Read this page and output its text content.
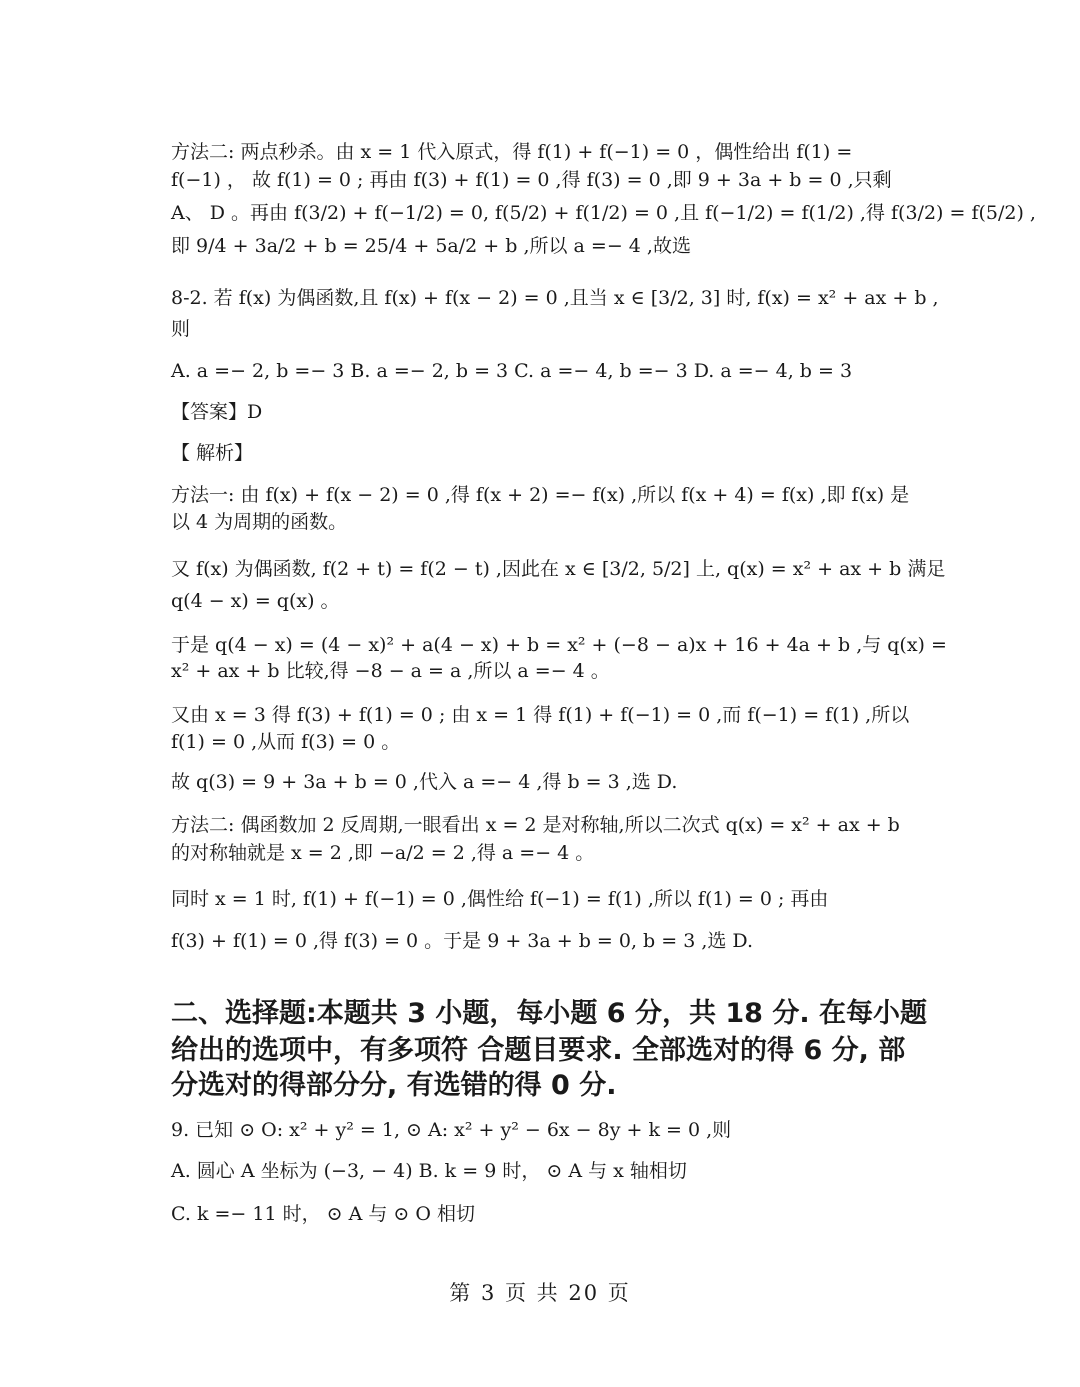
方法二: 两点秒杀。由 x = 1 代入原式，得 f(1) + f(−1) = 0 ，偶性给出 f(1) =
f(−1) ， 故 f(1) = 0 ; 再由 f(3) + f(1) = 0 ,得 f(3) = 0 ,即 9 + 3a + b = 0 ,只剩
A、 D 。再由 f(3/2) + f(−1/2) = 0, f(5/2) + f(1/2) = 0 ,且 f(−1/2) = f(1/2) ,得 f(3/2) = f(5/2) ,
即 9/4 + 3a/2 + b = 25/4 + 5a/2 + b ,所以 a =− 4 ,故选
8-2. 若 f(x) 为偶函数,且 f(x) + f(x − 2) = 0 ,且当 x ∈ [3/2, 3] 时, f(x) = x² + ax + b ,
则
A. a =− 2, b =− 3 B. a =− 2, b = 3 C. a =− 4, b =− 3 D. a =− 4, b = 3
【答案】D
【 解析】
方法一: 由 f(x) + f(x − 2) = 0 ,得 f(x + 2) =− f(x) ,所以 f(x + 4) = f(x) ,即 f(x) 是
以 4 为周期的函数。
又 f(x) 为偶函数, f(2 + t) = f(2 − t) ,因此在 x ∈ [3/2, 5/2] 上, q(x) = x² + ax + b 满足
q(4 − x) = q(x) 。
于是 q(4 − x) = (4 − x)² + a(4 − x) + b = x² + (−8 − a)x + 16 + 4a + b ,与 q(x) =
x² + ax + b 比较,得 −8 − a = a ,所以 a =− 4 。
又由 x = 3 得 f(3) + f(1) = 0 ; 由 x = 1 得 f(1) + f(−1) = 0 ,而 f(−1) = f(1) ,所以
f(1) = 0 ,从而 f(3) = 0 。
故 q(3) = 9 + 3a + b = 0 ,代入 a =− 4 ,得 b = 3 ,选 D.
方法二: 偶函数加 2 反周期,一眼看出 x = 2 是对称轴,所以二次式 q(x) = x² + ax + b
的对称轴就是 x = 2 ,即 −a/2 = 2 ,得 a =− 4 。
同时 x = 1 时, f(1) + f(−1) = 0 ,偶性给 f(−1) = f(1) ,所以 f(1) = 0 ; 再由
f(3) + f(1) = 0 ,得 f(3) = 0 。于是 9 + 3a + b = 0, b = 3 ,选 D.
二、选择题:本题共 3 小题，每小题 6 分，共 18 分. 在每小题
给出的选项中，有多项符 合题目要求. 全部选对的得 6 分, 部
分选对的得部分分, 有选错的得 0 分.
9. 已知 ⊙ O: x² + y² = 1, ⊙ A: x² + y² − 6x − 8y + k = 0 ,则
A. 圆心 A 坐标为 (−3, − 4) B. k = 9 时， ⊙ A 与 x 轴相切
C. k =− 11 时， ⊙ A 与 ⊙ O 相切
第 3 页 共 20 页
